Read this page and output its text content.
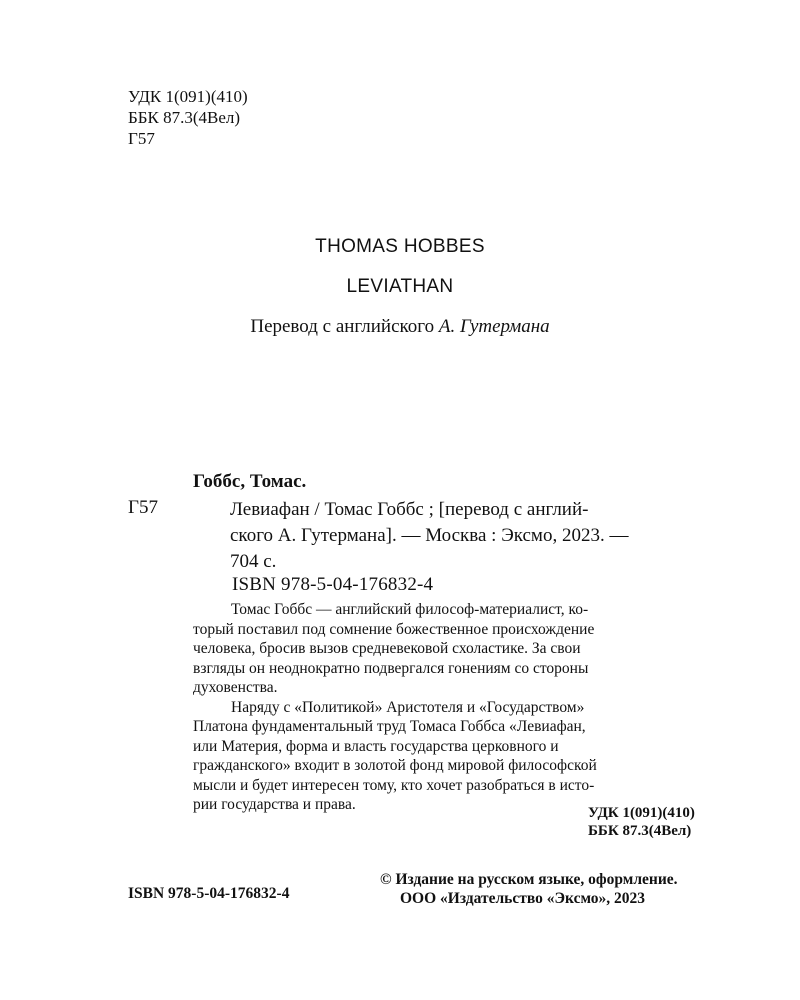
УДК 1(091)(410)
ББК 87.3(4Вел)
Г57
THOMAS HOBBES
LEVIATHAN
Перевод с английского А. Гутермана
Гоббс, Томас.
Г57	Левиафан / Томас Гоббс ; [перевод с англий-
ского А. Гутермана]. — Москва : Эксмо, 2023. —
704 с.
ISBN 978-5-04-176832-4
Томас Гоббс — английский философ-материалист, ко-
торый поставил под сомнение божественное происхождение
человека, бросив вызов средневековой схоластике. За свои
взгляды он неоднократно подвергался гонениям со стороны
духовенства.
Наряду с «Политикой» Аристотеля и «Государством»
Платона фундаментальный труд Томаса Гоббса «Левиафан,
или Материя, форма и власть государства церковного и
гражданского» входит в золотой фонд мировой философской
мысли и будет интересен тому, кто хочет разобраться в исто-
рии государства и права.	УДК 1(091)(410)
ББК 87.3(4Вел)
ISBN 978-5-04-176832-4
© Издание на русском языке, оформление.
ООО «Издательство «Эксмо», 2023
